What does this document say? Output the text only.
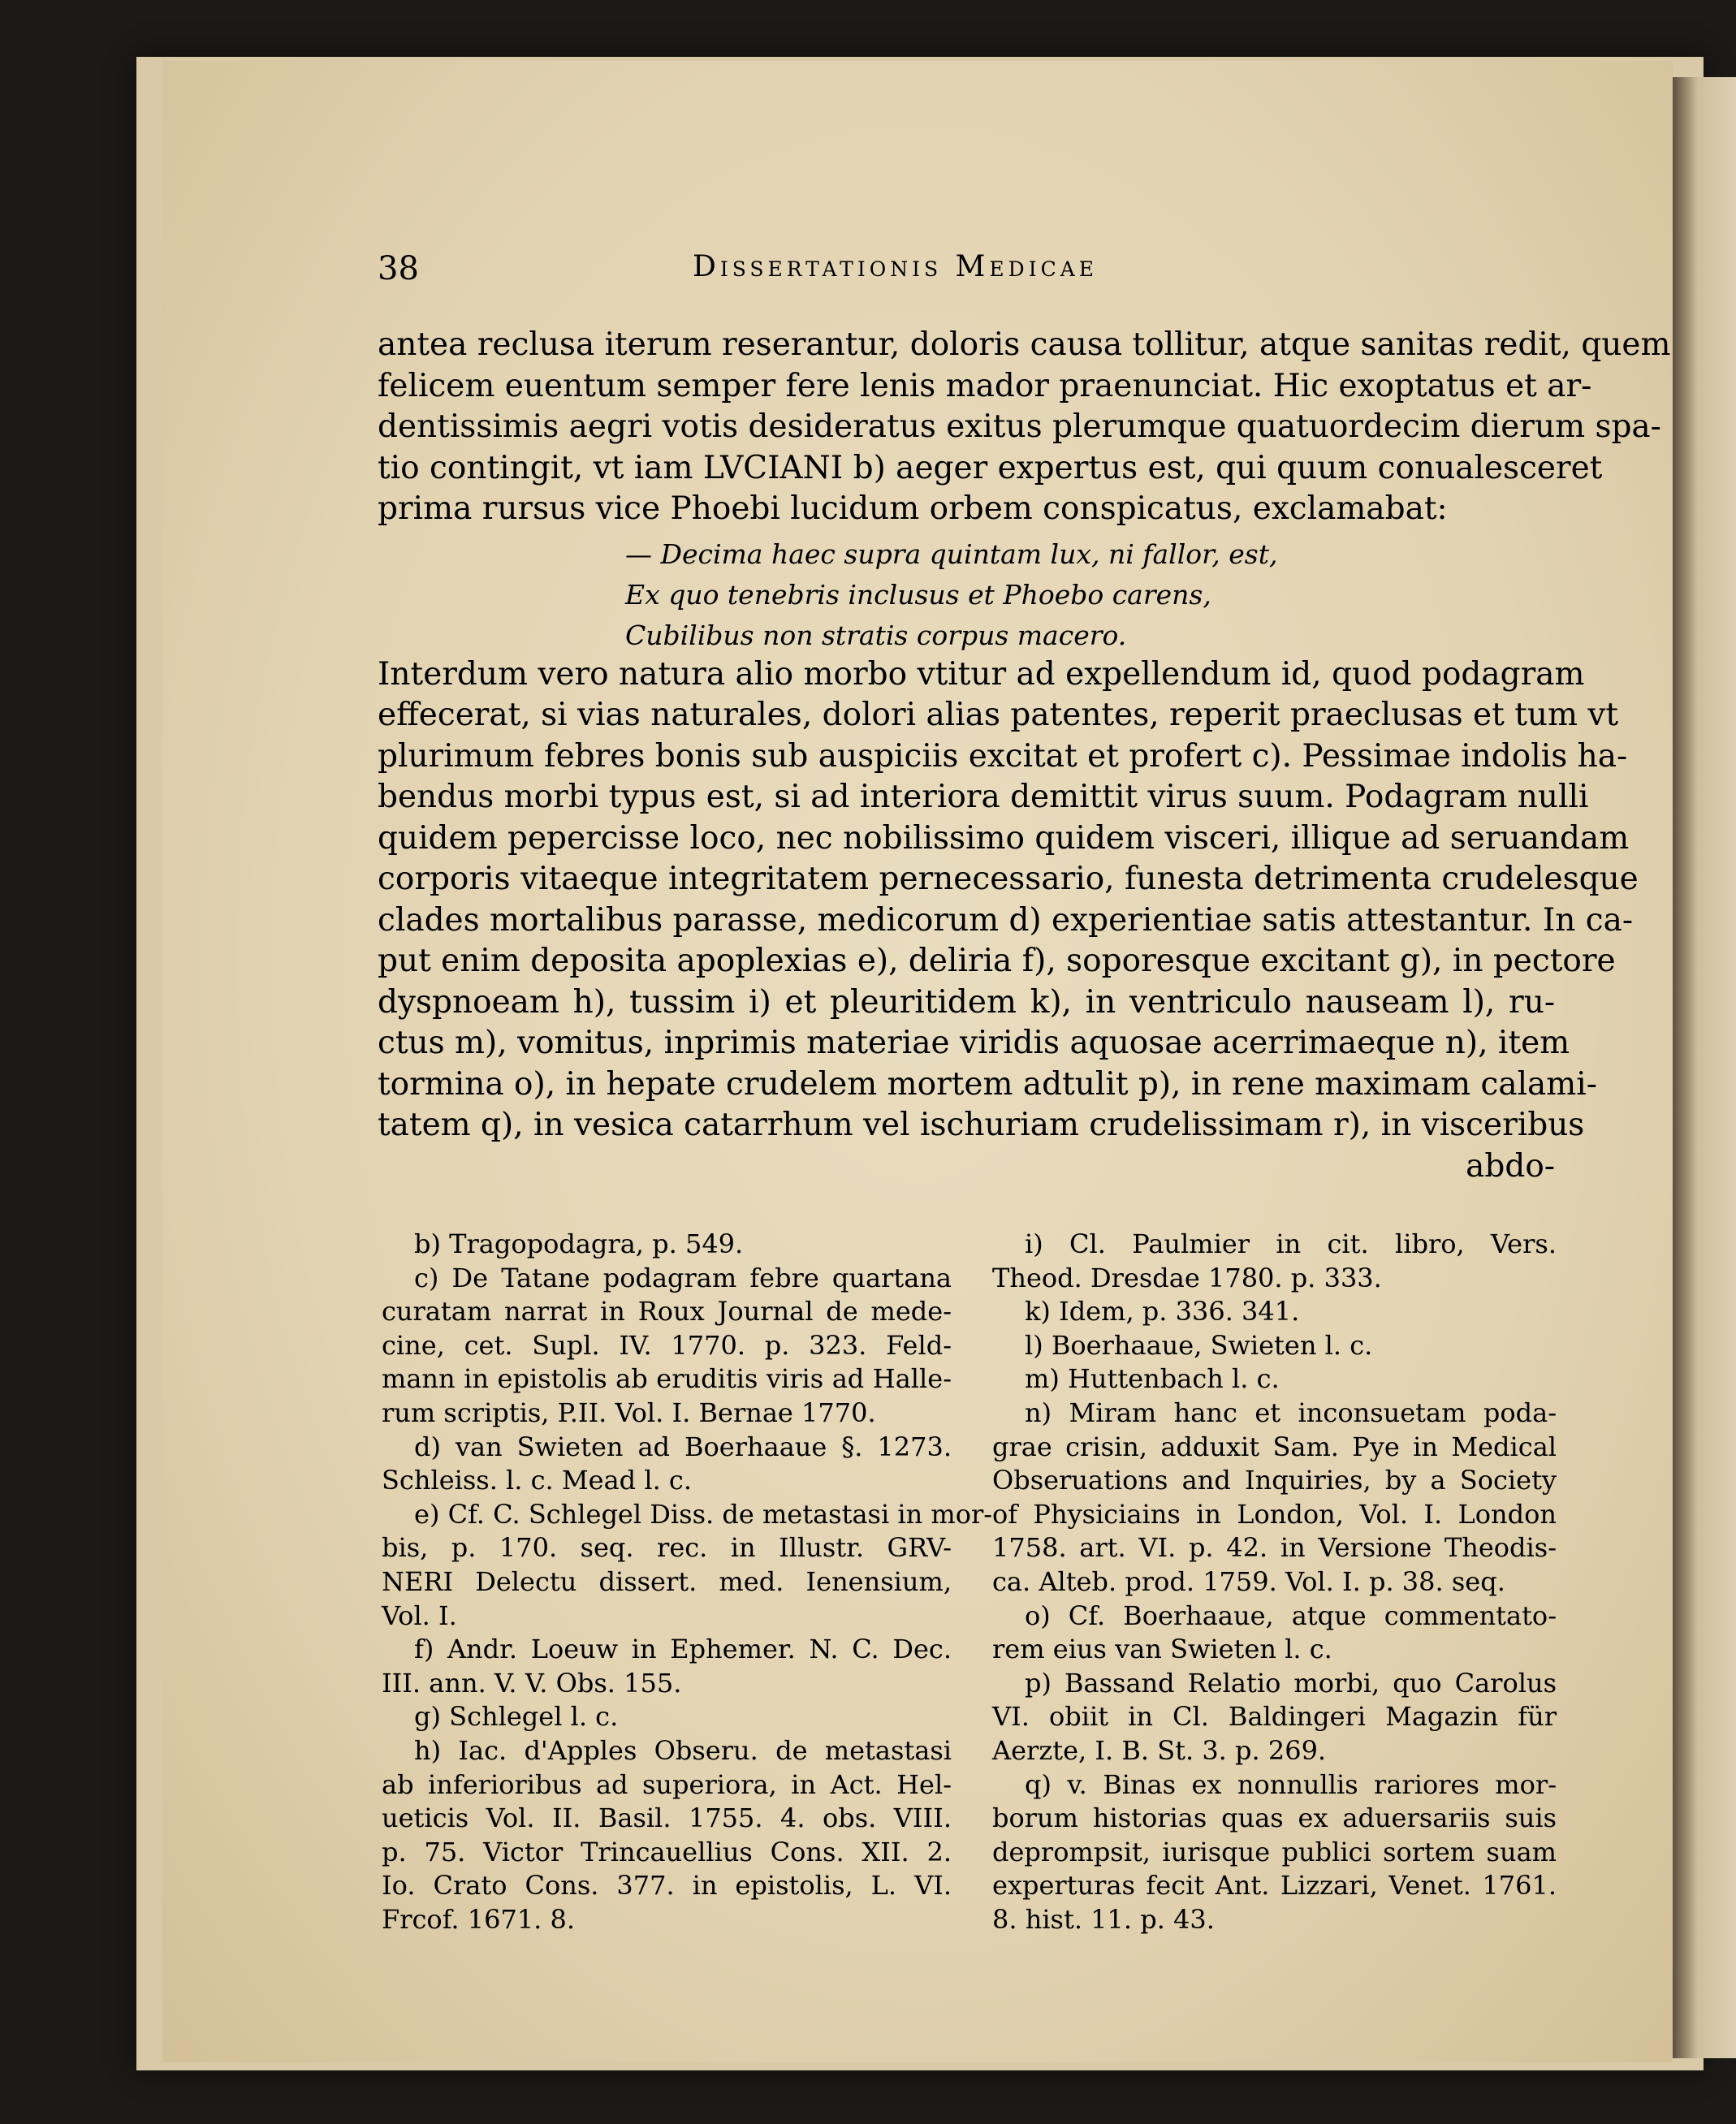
38	Dissertationis Medicae
antea reclusa iterum reserantur, doloris causa tollitur, atque sanitas redit, quem
felicem euentum semper fere lenis mador praenunciat. Hic exoptatus et ar-
dentissimis aegri votis desideratus exitus plerumque quatuordecim dierum spa-
tio contingit, vt iam LVCIANI b) aeger expertus est, qui quum conualesceret
prima rursus vice Phoebi lucidum orbem conspicatus, exclamabat:
Interdum vero natura alio morbo vtitur ad expellendum id, quod podagram
effecerat, si vias naturales, dolori alias patentes, reperit praeclusas et tum vt
plurimum febres bonis sub auspiciis excitat et profert c). Pessimae indolis ha-
bendus morbi typus est, si ad interiora demittit virus suum. Podagram nulli
quidem pepercisse loco, nec nobilissimo quidem visceri, illique ad seruandam
corporis vitaeque integritatem pernecessario, funesta detrimenta crudelesque
clades mortalibus parasse, medicorum d) experientiae satis attestantur. In ca-
put enim deposita apoplexias e), deliria f), soporesque excitant g), in pectore
dyspnoeam h), tussim i) et pleuritidem k), in ventriculo nauseam l), ru-
ctus m), vomitus, inprimis materiae viridis aquosae acerrimaeque n), item
tormina o), in hepate crudelem mortem adtulit p), in rene maximam calami-
tatem q), in vesica catarrhum vel ischuriam crudelissimam r), in visceribus
abdo-
— Decima haec supra quintam lux, ni fallor, est,
Ex quo tenebris inclusus et Phoebo carens,
Cubilibus non stratis corpus macero.
b) Tragopodagra, p. 549.
c) De Tatane podagram febre quartana
curatam narrat in Roux Journal de mede-
cine, cet. Supl. IV. 1770. p. 323. Feld-
mann in epistolis ab eruditis viris ad Halle-
rum scriptis, P.II. Vol. I. Bernae 1770.
d) van Swieten ad Boerhaaue §. 1273.
Schleiss. l. c. Mead l. c.
e) Cf. C. Schlegel Diss. de metastasi in mor-
bis, p. 170. seq. rec. in Illustr. GRV-
NERI Delectu dissert. med. Ienensium,
Vol. I.
f) Andr. Loeuw in Ephemer. N. C. Dec.
III. ann. V. V. Obs. 155.
g) Schlegel l. c.
h) Iac. d'Apples Obseru. de metastasi
ab inferioribus ad superiora, in Act. Hel-
ueticis Vol. II. Basil. 1755. 4. obs. VIII.
p. 75. Victor Trincauellius Cons. XII. 2.
Io. Crato Cons. 377. in epistolis, L. VI.
Frcof. 1671. 8.
i) Cl. Paulmier in cit. libro, Vers.
Theod. Dresdae 1780. p. 333.
k) Idem, p. 336. 341.
l) Boerhaaue, Swieten l. c.
m) Huttenbach l. c.
n) Miram hanc et inconsuetam poda-
grae crisin, adduxit Sam. Pye in Medical
Obseruations and Inquiries, by a Society
of Physiciains in London, Vol. I. London
1758. art. VI. p. 42. in Versione Theodis-
ca. Alteb. prod. 1759. Vol. I. p. 38. seq.
o) Cf. Boerhaaue, atque commentato-
rem eius van Swieten l. c.
p) Bassand Relatio morbi, quo Carolus
VI. obiit in Cl. Baldingeri Magazin für
Aerzte, I. B. St. 3. p. 269.
q) v. Binas ex nonnullis rariores mor-
borum historias quas ex aduersariis suis
deprompsit, iurisque publici sortem suam
experturas fecit Ant. Lizzari, Venet. 1761.
8. hist. 11. p. 43.
